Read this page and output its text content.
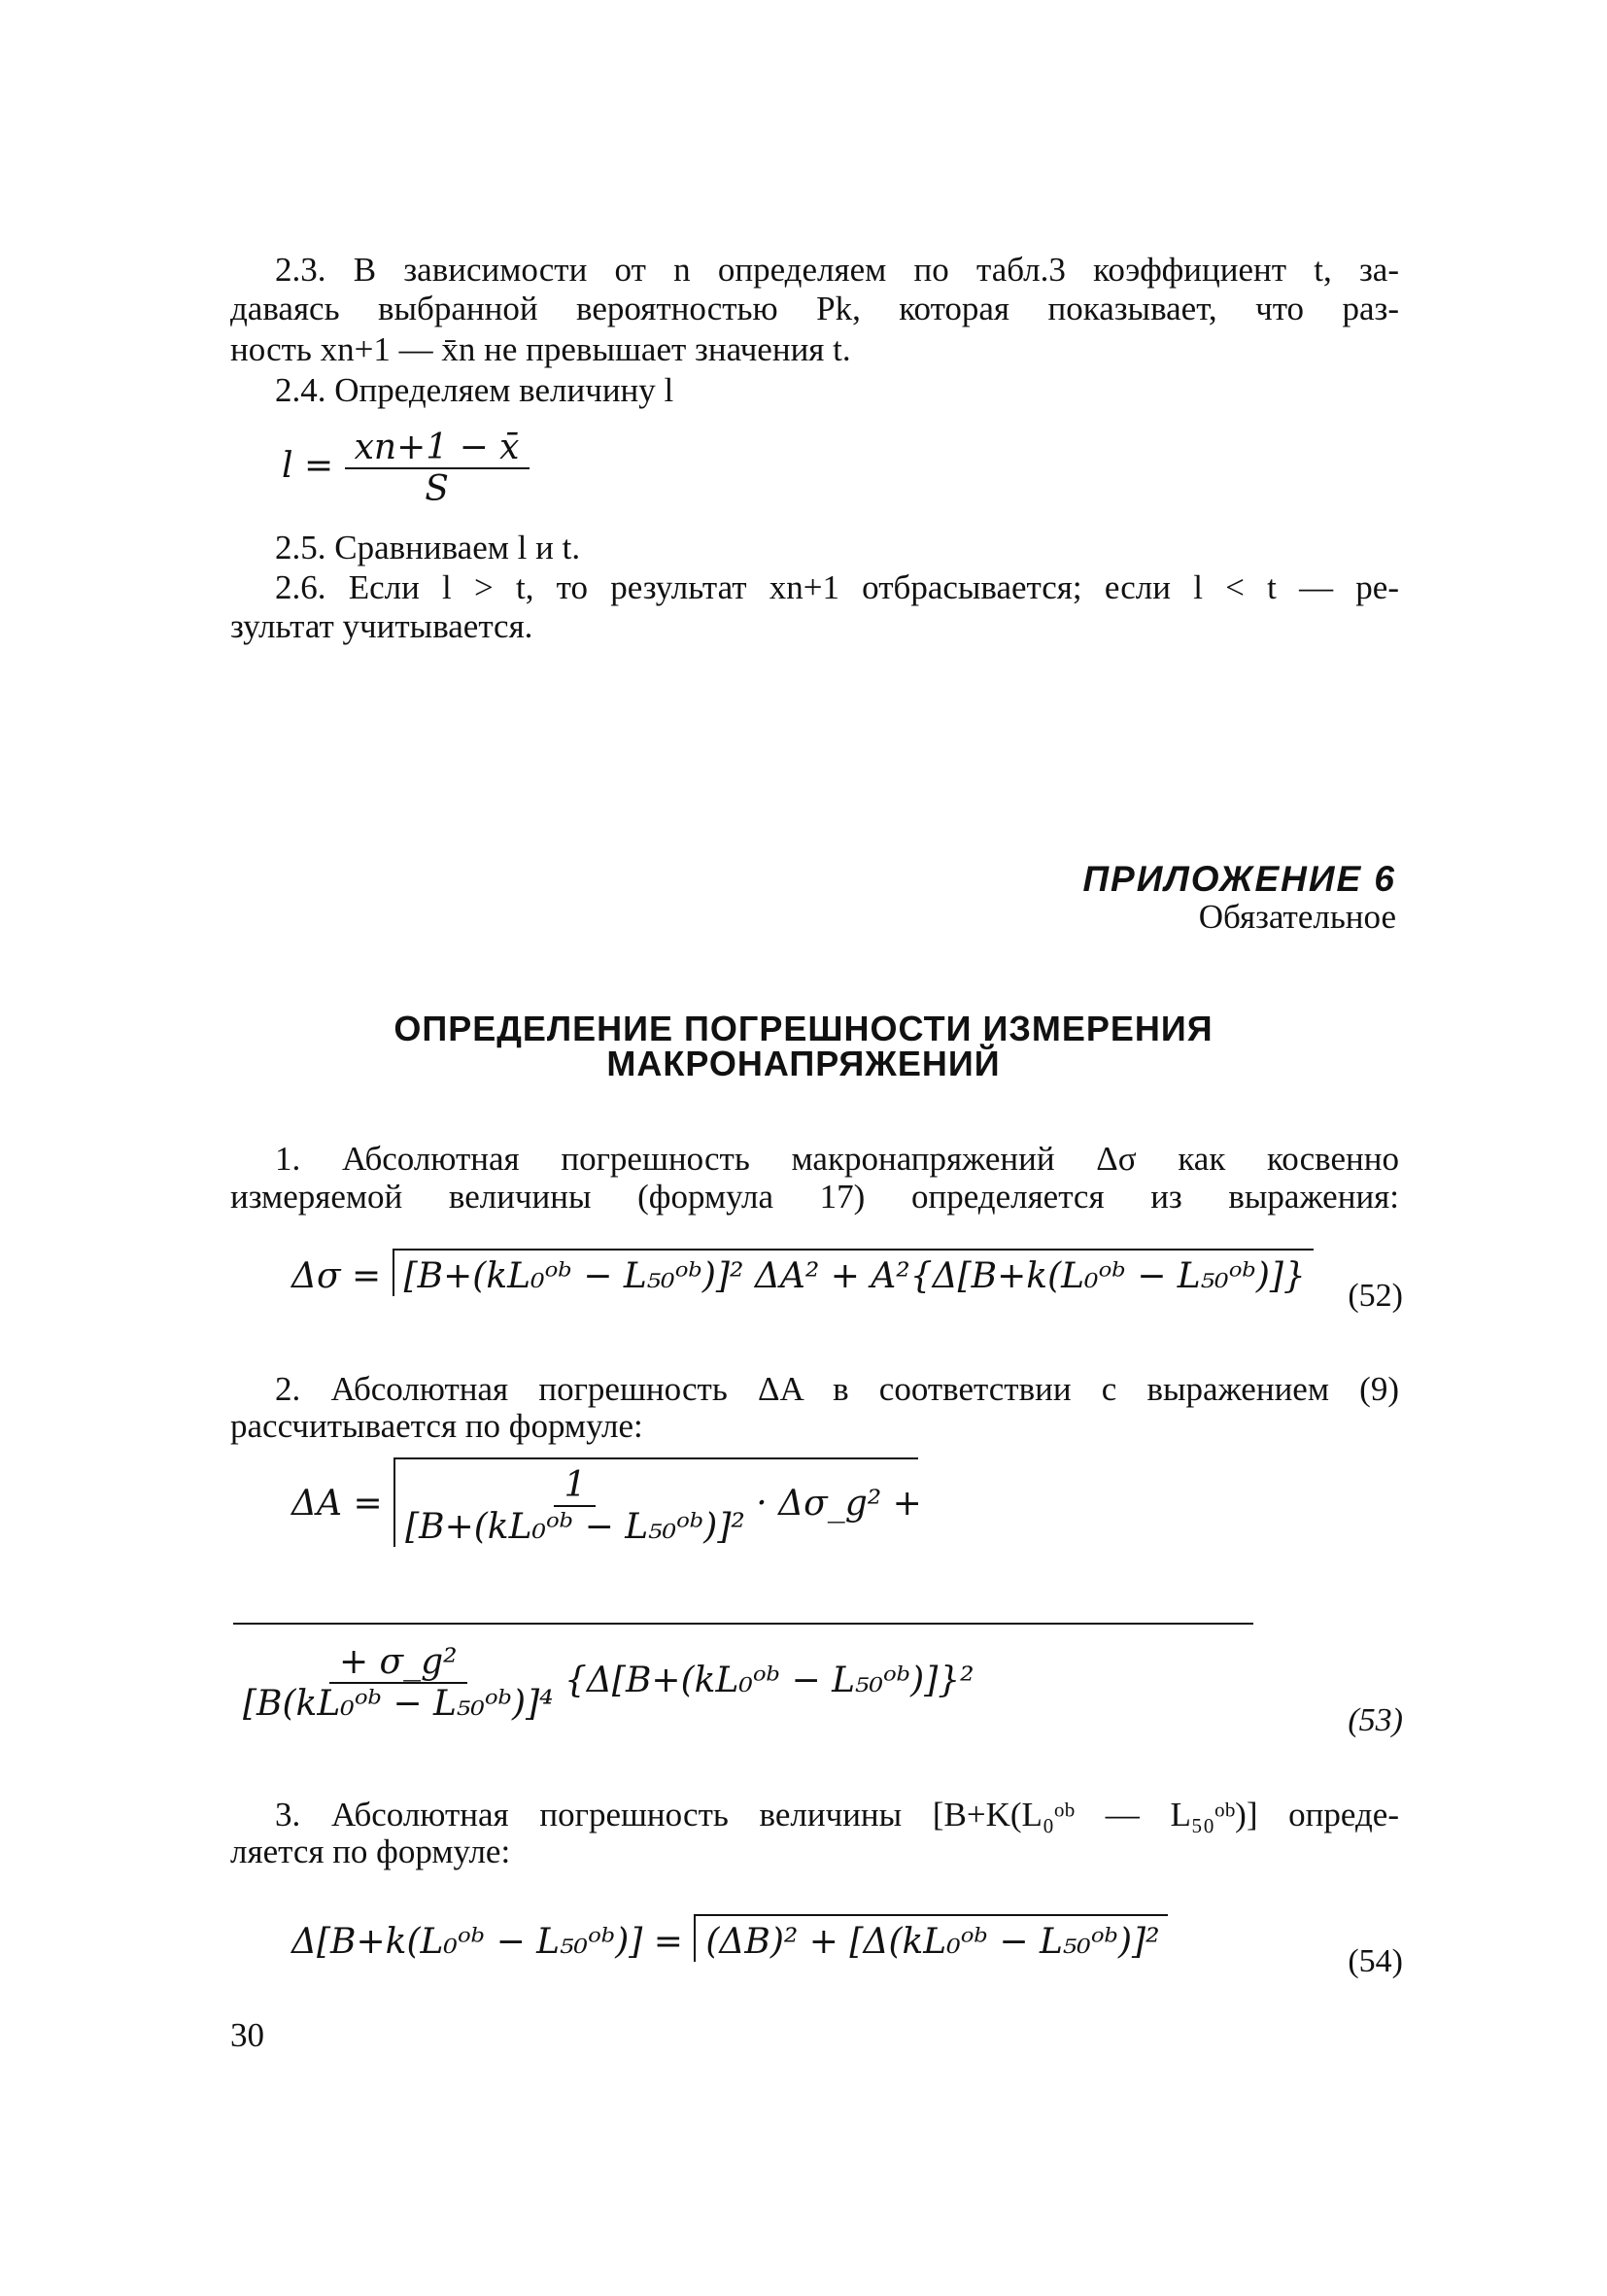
2.3. В зависимости от n определяем по табл.3 коэффициент t, за-
даваясь выбранной вероятностью Pk, которая показывает, что раз-
ность xn+1 — x̄n не превышает значения t.
2.4. Определяем величину l
$l = \frac{xn+1 - x̄}{S}$
2.5. Сравниваем l и t.
2.6. Если l > t, то результат xn+1 отбрасывается; если l < t — ре-
зультат учитывается.
ПРИЛОЖЕНИЕ 6
Обязательное
ОПРЕДЕЛЕНИЕ ПОГРЕШНОСТИ ИЗМЕРЕНИЯ
МАКРОНАПРЯЖЕНИЙ
1. Абсолютная погрешность макронапряжений Δσ как косвенно
измеряемой величины (формула 17) определяется из выражения:
Δσ = [B+(kL₀ᵒᵇ − L₅₀ᵒᵇ)]² ΔA² + A²{Δ[B+k(L₀ᵒᵇ − L₅₀ᵒᵇ)]} (52)
2. Абсолютная погрешность ΔA в соответствии с выражением (9)
рассчитывается по формуле:
$\Delta A = \frac{1}{\text{[B+(kL₀ᵒᵇ − L₅₀ᵒᵇ)]²}}$ · Δσ_g² +
$\frac{\text{+ σ\_g²}}{\text{[B(kL₀ᵒᵇ − L₅₀ᵒᵇ)]⁴}}$ {Δ[B+(kL₀ᵒᵇ − L₅₀ᵒᵇ)]}²
(53)
3. Абсолютная погрешность величины [B+K(L₀ᵒᵇ — L₅₀ᵒᵇ)] опреде-
ляется по формуле:
Δ[B+k(L₀ᵒᵇ − L₅₀ᵒᵇ)] = (ΔB)² + [Δ(kL₀ᵒᵇ − L₅₀ᵒᵇ)]²	(54)
30
